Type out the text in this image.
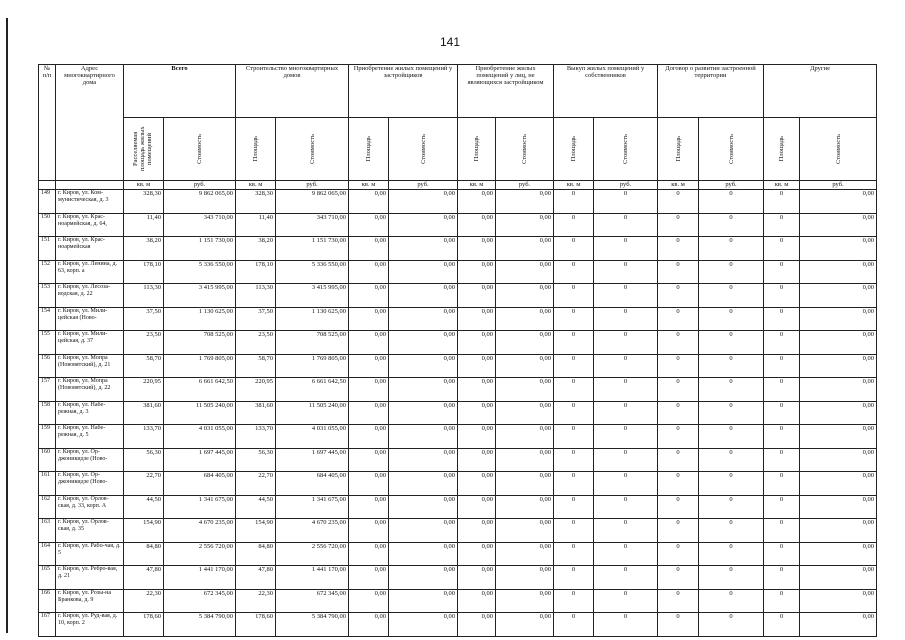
141
№ п/п	Адрес многоквартирного дома	Всего		Строительство многоквартирных домов		Приобретение жилых помещений у застройщиков		Приобретение жилых помещений у лиц, не являющихся застройщиком		Выкуп жилых помещений у собственников		Договор о развитии застроенной территории		Другие	

		Расселяемая площадь жилых помещений	Стоимость	Площадь	Стоимость	Площадь	Стоимость	Площадь	Стоимость	Площадь	Стоимость	Площадь	Стоимость	Площадь	Стоимость

		кв. м	руб.	кв. м	руб.	кв. м	руб.	кв. м	руб.	кв. м	руб.	кв. м	руб.	кв. м	руб.
149	г. Киров, ул. Ком-мунистическая, д. 3	328,30	9 862 065,00	328,30	9 862 065,00	0,00	0,00	0,00	0,00	0	0	0	0	0	0,00
150	г. Киров, ул. Крас-ноармейская, д. 64,	11,40	343 710,00	11,40	343 710,00	0,00	0,00	0,00	0,00	0	0	0	0	0	0,00
151	г. Киров, ул. Крас-ноармейская	38,20	1 151 730,00	38,20	1 151 730,00	0,00	0,00	0,00	0,00	0	0	0	0	0	0,00
152	г. Киров, ул. Ленина, д. 63, корп. а	178,10	5 336 550,00	178,10	5 336 550,00	0,00	0,00	0,00	0,00	0	0	0	0	0	0,00
153	г. Киров, ул. Лесоза-водская, д. 22	113,30	3 415 995,00	113,30	3 415 995,00	0,00	0,00	0,00	0,00	0	0	0	0	0	0,00
154	г. Киров, ул. Мили-цейская (Ново-	37,50	1 130 625,00	37,50	1 130 625,00	0,00	0,00	0,00	0,00	0	0	0	0	0	0,00
155	г. Киров, ул. Мили-цейская, д. 37	23,50	708 525,00	23,50	708 525,00	0,00	0,00	0,00	0,00	0	0	0	0	0	0,00
156	г. Киров, ул. Мопра (Нововятский), д. 21	58,70	1 769 805,00	58,70	1 769 805,00	0,00	0,00	0,00	0,00	0	0	0	0	0	0,00
157	г. Киров, ул. Мопра (Нововятский), д. 22	220,95	6 661 642,50	220,95	6 661 642,50	0,00	0,00	0,00	0,00	0	0	0	0	0	0,00
158	г. Киров, ул. Набе-режная, д. 3	381,60	11 505 240,00	381,60	11 505 240,00	0,00	0,00	0,00	0,00	0	0	0	0	0	0,00
159	г. Киров, ул. Набе-режная, д. 5	133,70	4 031 055,00	133,70	4 031 055,00	0,00	0,00	0,00	0,00	0	0	0	0	0	0,00
160	г. Киров, ул. Ор-джоникидзе (Ново-	56,30	1 697 445,00	56,30	1 697 445,00	0,00	0,00	0,00	0,00	0	0	0	0	0	0,00
161	г. Киров, ул. Ор-джоникидзе (Ново-	22,70	684 405,00	22,70	684 405,00	0,00	0,00	0,00	0,00	0	0	0	0	0	0,00
162	г. Киров, ул. Орлов-ская, д. 33, корп. А	44,50	1 341 675,00	44,50	1 341 675,00	0,00	0,00	0,00	0,00	0	0	0	0	0	0,00
163	г. Киров, ул. Орлов-ская, д. 35	154,90	4 670 235,00	154,90	4 670 235,00	0,00	0,00	0,00	0,00	0	0	0	0	0	0,00
164	г. Киров, ул. Рабо-чая, д. 5	84,80	2 556 720,00	84,80	2 556 720,00	0,00	0,00	0,00	0,00	0	0	0	0	0	0,00
165	г. Киров, ул. Ребро-вая, д. 21	47,80	1 441 170,00	47,80	1 441 170,00	0,00	0,00	0,00	0,00	0	0	0	0	0	0,00
166	г. Киров, ул. Розы-на Бранкова, д. 9	22,30	672 345,00	22,30	672 345,00	0,00	0,00	0,00	0,00	0	0	0	0	0	0,00
167	г. Киров, ул. Руд-вая, д. 10, корп. 2	178,60	5 384 790,00	178,60	5 384 790,00	0,00	0,00	0,00	0,00	0	0	0	0	0	0,00
